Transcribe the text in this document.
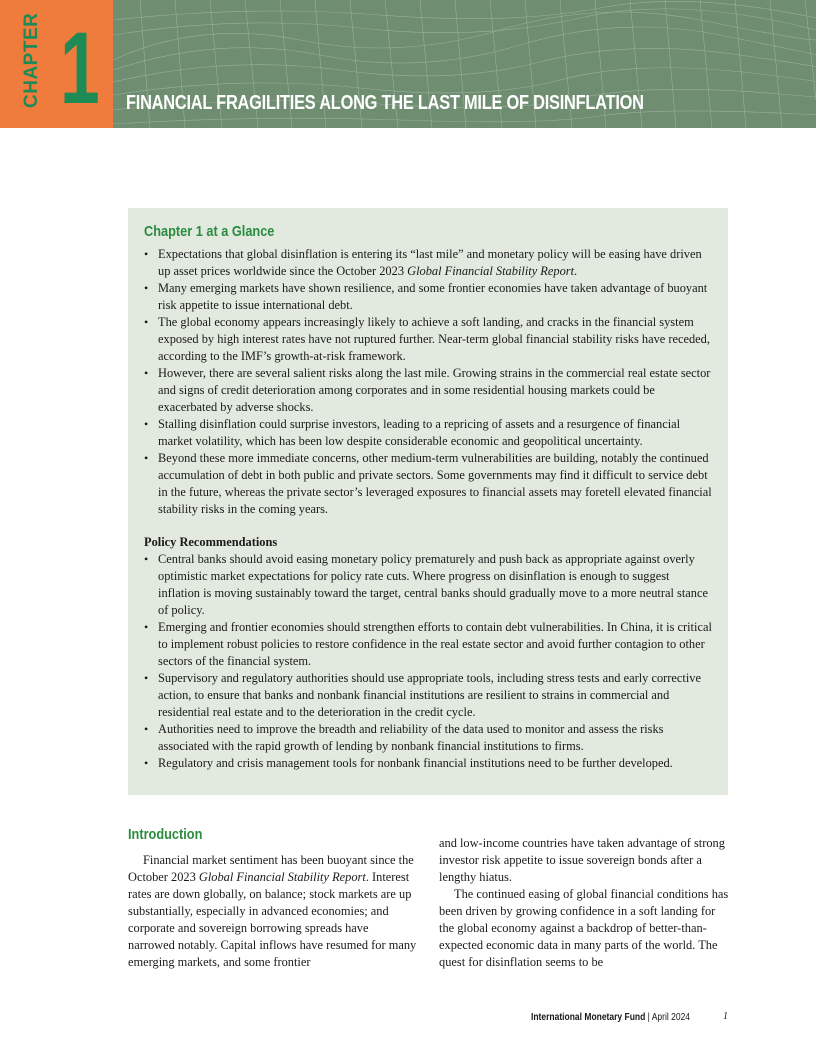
CHAPTER 1 FINANCIAL FRAGILITIES ALONG THE LAST MILE OF DISINFLATION
Chapter 1 at a Glance
• Expectations that global disinflation is entering its “last mile” and monetary policy will be easing have driven up asset prices worldwide since the October 2023 Global Financial Stability Report.
• Many emerging markets have shown resilience, and some frontier economies have taken advantage of buoyant risk appetite to issue international debt.
• The global economy appears increasingly likely to achieve a soft landing, and cracks in the financial system exposed by high interest rates have not ruptured further. Near-term global financial stability risks have receded, according to the IMF’s growth-at-risk framework.
• However, there are several salient risks along the last mile. Growing strains in the commercial real estate sector and signs of credit deterioration among corporates and in some residential housing markets could be exacerbated by adverse shocks.
• Stalling disinflation could surprise investors, leading to a repricing of assets and a resurgence of financial market volatility, which has been low despite considerable economic and geopolitical uncertainty.
• Beyond these more immediate concerns, other medium-term vulnerabilities are building, notably the continued accumulation of debt in both public and private sectors. Some governments may find it difficult to service debt in the future, whereas the private sector’s leveraged exposures to financial assets may foretell elevated financial stability risks in the coming years.
Policy Recommendations
• Central banks should avoid easing monetary policy prematurely and push back as appropriate against overly optimistic market expectations for policy rate cuts. Where progress on disinflation is enough to suggest inflation is moving sustainably toward the target, central banks should gradually move to a more neutral stance of policy.
• Emerging and frontier economies should strengthen efforts to contain debt vulnerabilities. In China, it is critical to implement robust policies to restore confidence in the real estate sector and avoid further contagion to other sectors of the financial system.
• Supervisory and regulatory authorities should use appropriate tools, including stress tests and early corrective action, to ensure that banks and nonbank financial institutions are resilient to strains in commercial and residential real estate and to the deterioration in the credit cycle.
• Authorities need to improve the breadth and reliability of the data used to monitor and assess the risks associated with the rapid growth of lending by nonbank financial institutions to firms.
• Regulatory and crisis management tools for nonbank financial institutions need to be further developed.
Introduction

Financial market sentiment has been buoyant since the October 2023 Global Financial Stability Report. Interest rates are down globally, on balance; stock markets are up substantially, especially in advanced economies; and corporate and sovereign borrowing spreads have narrowed notably. Capital inflows have resumed for many emerging markets, and some frontier

and low-income countries have taken advantage of strong investor risk appetite to issue sovereign bonds after a lengthy hiatus.

The continued easing of global financial conditions has been driven by growing confidence in a soft landing for the global economy against a backdrop of better-than-expected economic data in many parts of the world. The quest for disinflation seems to be

International Monetary Fund | April 2024	1
